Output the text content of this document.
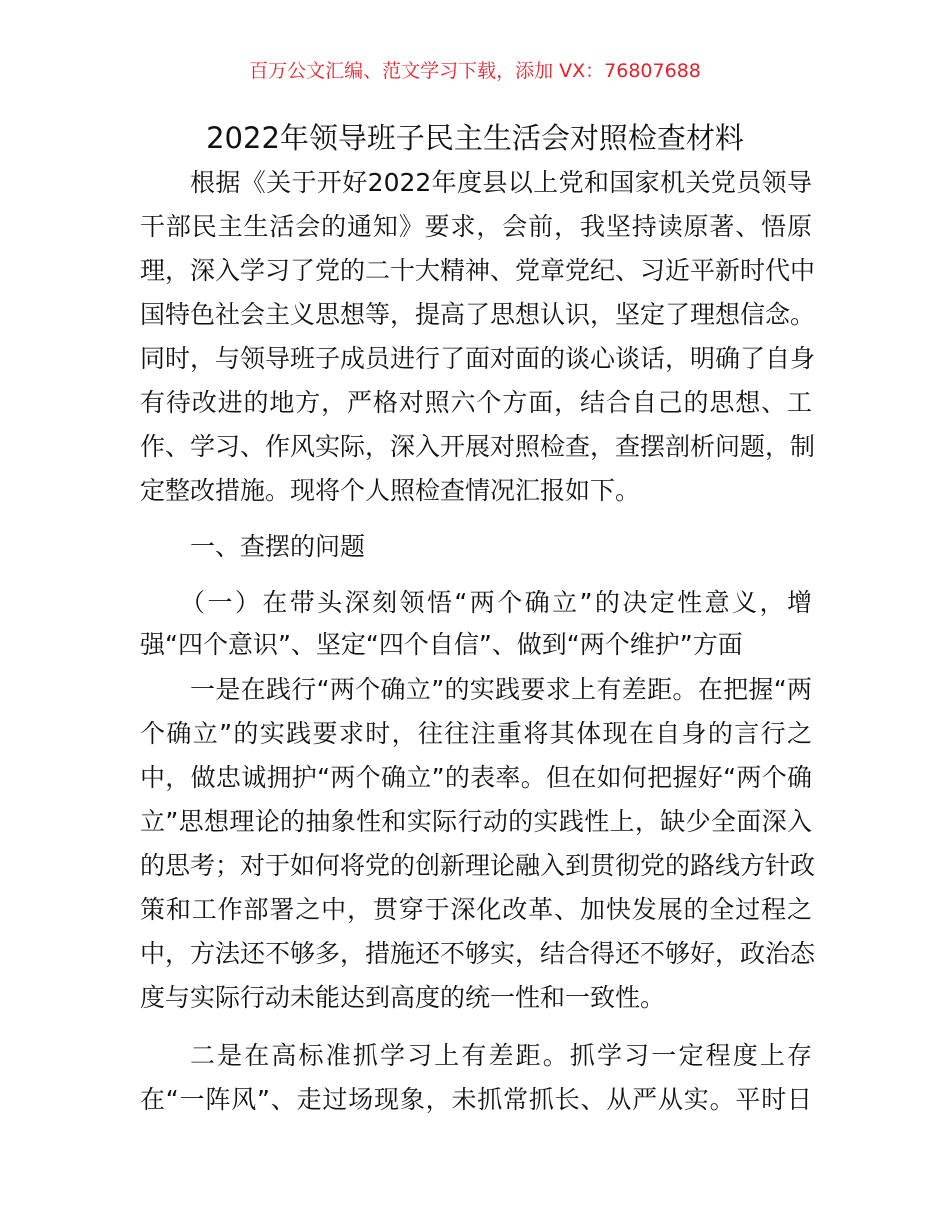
百万公文汇编、范文学习下载，添加 VX：76807688
2022年领导班子民主生活会对照检查材料
根据《关于开好2022年度县以上党和国家机关党员领导
干部民主生活会的通知》要求，会前，我坚持读原著、悟原
理，深入学习了党的二十大精神、党章党纪、习近平新时代中
国特色社会主义思想等，提高了思想认识，坚定了理想信念。
同时，与领导班子成员进行了面对面的谈心谈话，明确了自身
有待改进的地方，严格对照六个方面，结合自己的思想、工
作、学习、作风实际，深入开展对照检查，查摆剖析问题，制
定整改措施。现将个人照检查情况汇报如下。
一、查摆的问题
（一）在带头深刻领悟“两个确立”的决定性意义，增
强“四个意识”、坚定“四个自信”、做到“两个维护”方面
一是在践行“两个确立”的实践要求上有差距。在把握“两
个确立”的实践要求时，往往注重将其体现在自身的言行之
中，做忠诚拥护“两个确立”的表率。但在如何把握好“两个确
立”思想理论的抽象性和实际行动的实践性上，缺少全面深入
的思考；对于如何将党的创新理论融入到贯彻党的路线方针政
策和工作部署之中，贯穿于深化改革、加快发展的全过程之
中，方法还不够多，措施还不够实，结合得还不够好，政治态
度与实际行动未能达到高度的统一性和一致性。
二是在高标准抓学习上有差距。抓学习一定程度上存
在“一阵风”、走过场现象，未抓常抓长、从严从实。平时日
